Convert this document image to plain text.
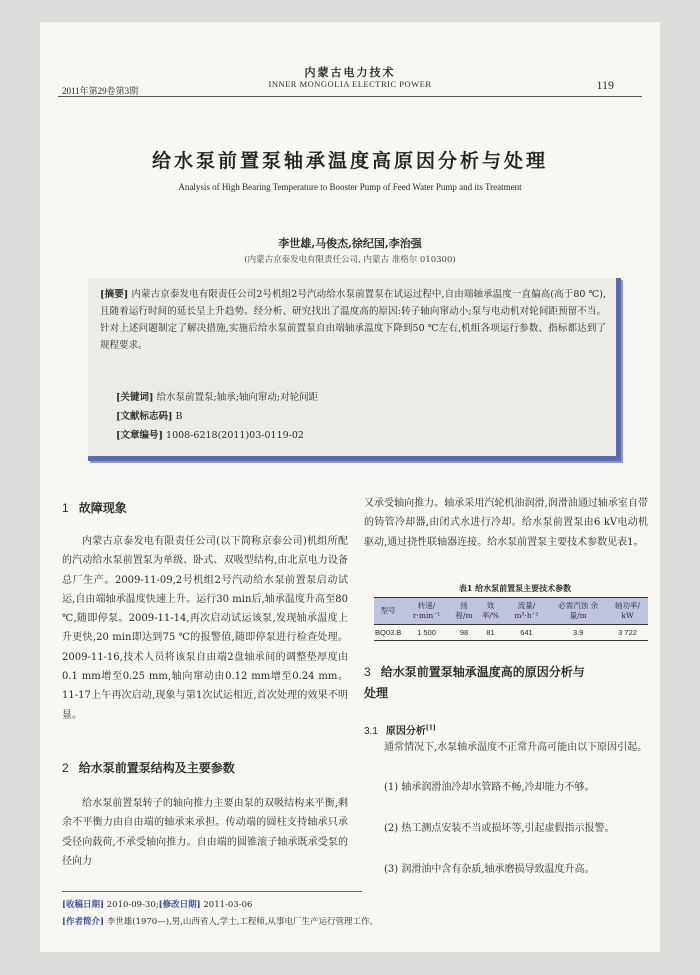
内蒙古电力技术
INNER MONGOLIA ELECTRIC POWER
2011年第29卷第3期	119
给水泵前置泵轴承温度高原因分析与处理
Analysis of High Bearing Temperature to Booster Pump of Feed Water Pump and its Treatment
李世雄,马俊杰,徐纪国,李治强
(内蒙古京泰发电有限责任公司, 内蒙古 准格尔 010300)
[摘要] 内蒙古京泰发电有限责任公司2号机组2号汽动给水泵前置泵在试运过程中,自由端轴承温度一直偏高(高于80 ℃),且随着运行时间的延长呈上升趋势。经分析、研究找出了温度高的原因:转子轴向窜动小;泵与电动机对轮间距预留不当。针对上述问题制定了解决措施,实施后给水泵前置泵自由端轴承温度下降到50 ℃左右,机组各项运行参数、指标都达到了规程要求。
[关键词] 给水泵前置泵;轴承;轴向窜动;对轮间距
[文献标志码] B
[文章编号] 1008-6218(2011)03-0119-02
1 故障现象
内蒙古京泰发电有限责任公司(以下简称京泰公司)机组所配的汽动给水泵前置泵为单级、卧式、双吸型结构,由北京电力设备总厂生产。2009-11-09,2号机组2号汽动给水泵前置泵启动试运,自由端轴承温度快速上升。运行30 min后,轴承温度升高至80 ℃,随即停泵。2009-11-14,再次启动试运该泵,发现轴承温度上升更快,20 min即达到75 ℃的报警值,随即停泵进行检查处理。2009-11-16,技术人员将该泵自由端2盘轴承间的调整垫厚度由0.1 mm增至0.25 mm,轴向窜动由0.12 mm增至0.24 mm。11-17上午再次启动,现象与第1次试运相近,首次处理的效果不明显。
2 给水泵前置泵结构及主要参数
给水泵前置泵转子的轴向推力主要由泵的双吸结构来平衡,剩余不平衡力由自由端的轴承来承担。传动端的圆柱支持轴承只承受径向载荷,不承受轴向推力。自由端的圆锥滚子轴承既承受泵的径向力
又承受轴向推力。轴承采用汽轮机油润滑,润滑油通过轴承室自带的铸管冷却器,由闭式水进行冷却。给水泵前置泵由6 kV电动机驱动,通过挠性联轴器连接。给水泵前置泵主要技术参数见表1。
表1 给水泵前置泵主要技术参数
型号	转速/ r·min⁻¹	扬程/m	效率/%	流量/ m³·h⁻¹	必需汽蚀 余量/m	轴功率/ kW
BQ03.B	1 500	98	81	641	3.9	3 722
3 给水泵前置泵轴承温度高的原因分析与
处理
3.1 原因分析[1]
通常情况下,水泵轴承温度不正常升高可能由以下原因引起。
(1) 轴承润滑油冷却水管路不畅,冷却能力不够。
(2) 热工测点安装不当或损坏等,引起虚假指示报警。
(3) 润滑油中含有杂质,轴承磨损导致温度升高。
[收稿日期] 2010-09-30;[修改日期] 2011-03-06
[作者简介] 李世雄(1970—),男,山西省人,学士,工程师,从事电厂生产运行管理工作。
